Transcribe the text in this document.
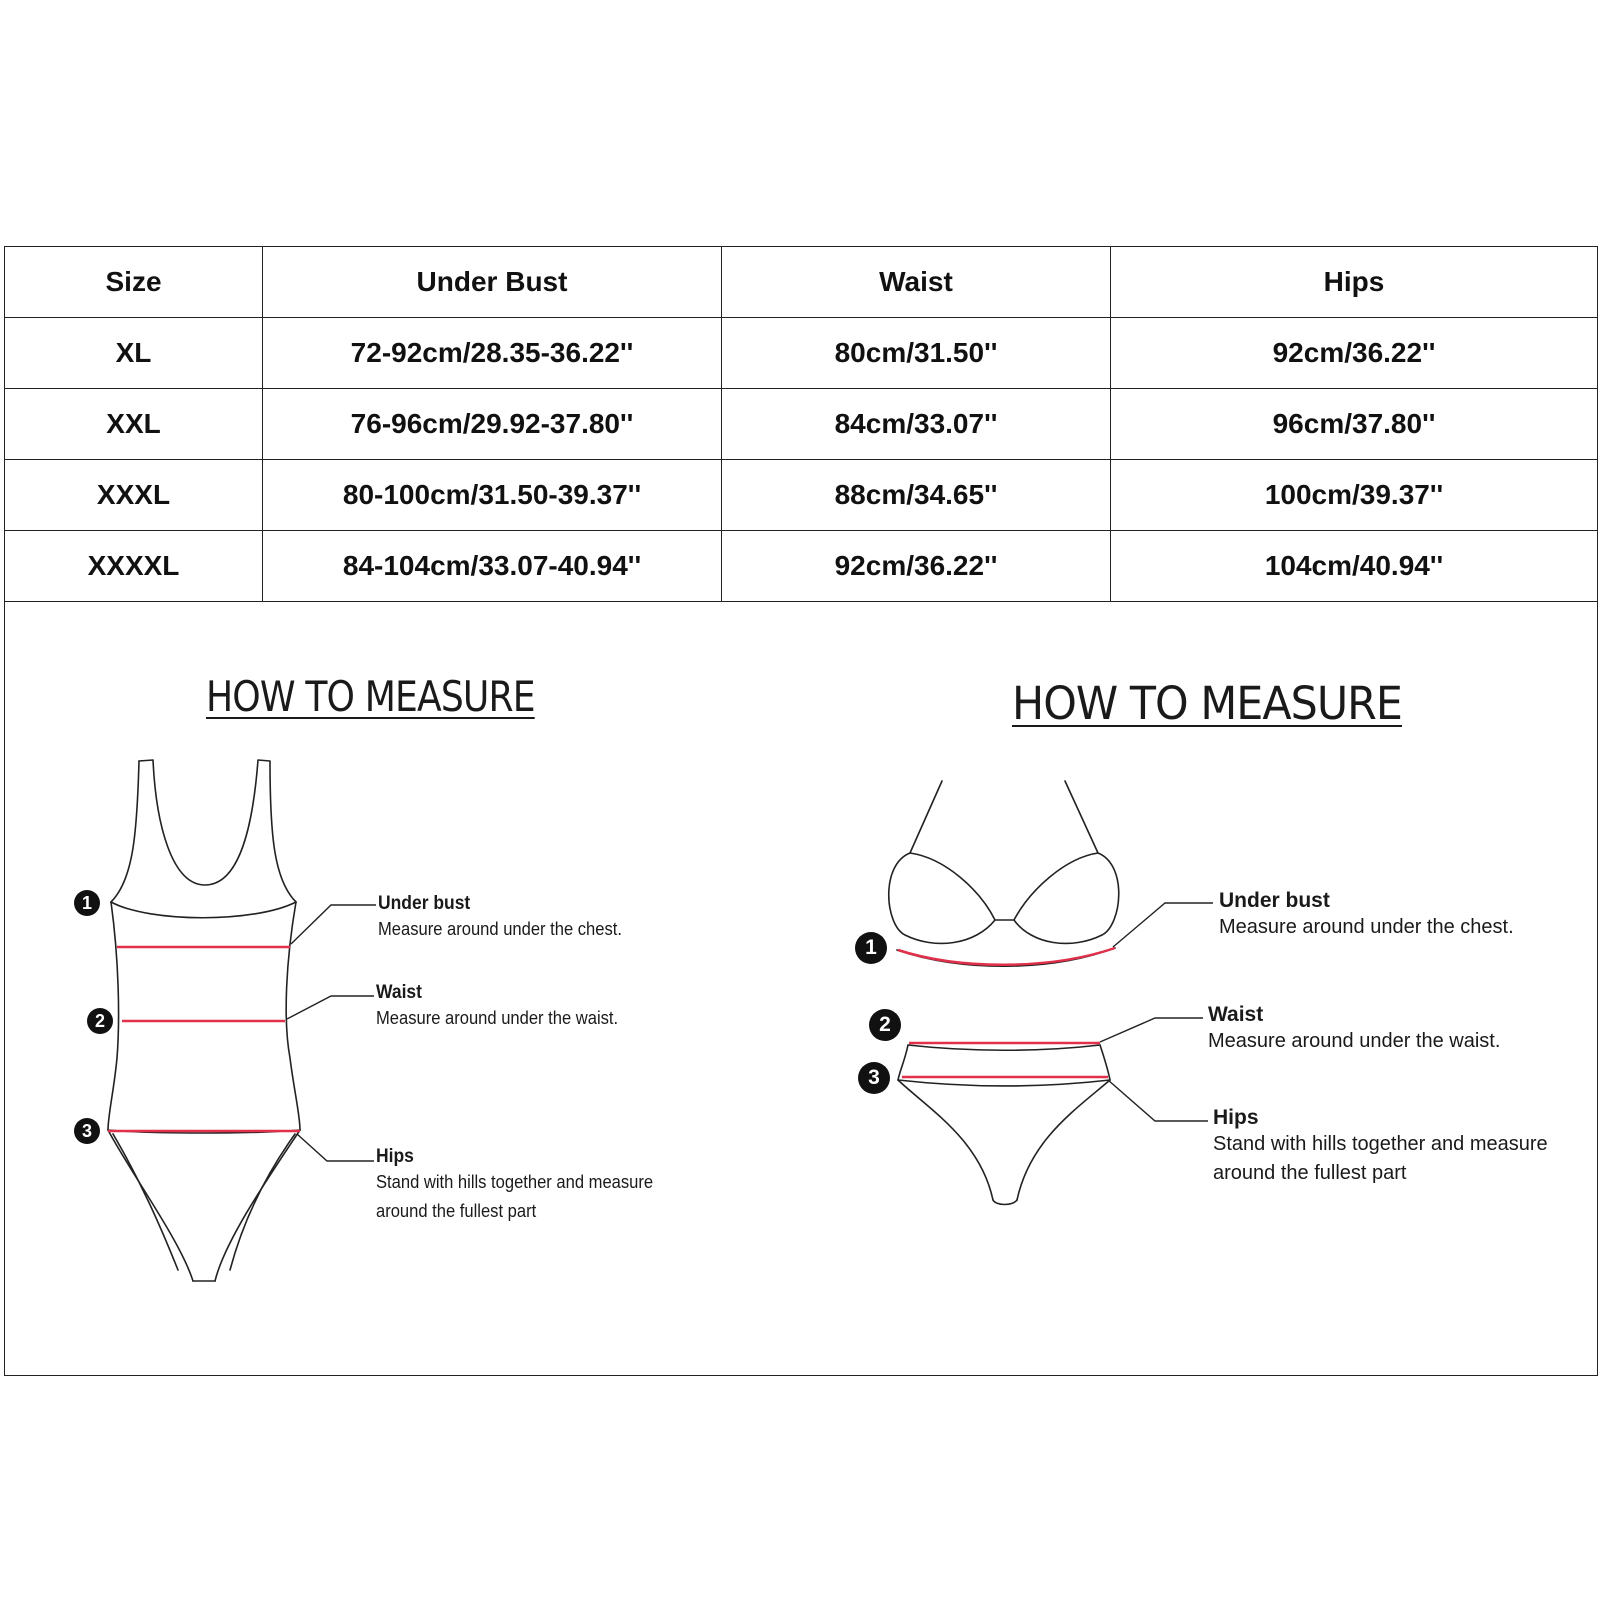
Size	Under Bust	Waist	Hips
XL	72-92cm/28.35-36.22''	80cm/31.50''	92cm/36.22''
XXL	76-96cm/29.92-37.80''	84cm/33.07''	96cm/37.80''
XXXL	80-100cm/31.50-39.37''	88cm/34.65''	100cm/39.37''
XXXXL	84-104cm/33.07-40.94''	92cm/36.22''	104cm/40.94''
HOW TO MEASURE
1
2
3
Under bust
Measure around under the chest.
Waist
Measure around under the waist.
Hips
Stand with hills together and measure
around the fullest part
HOW TO MEASURE
1
2
3
Under bust
Measure around under the chest.
Waist
Measure around under the waist.
Hips
Stand with hills together and measure
around the fullest part
